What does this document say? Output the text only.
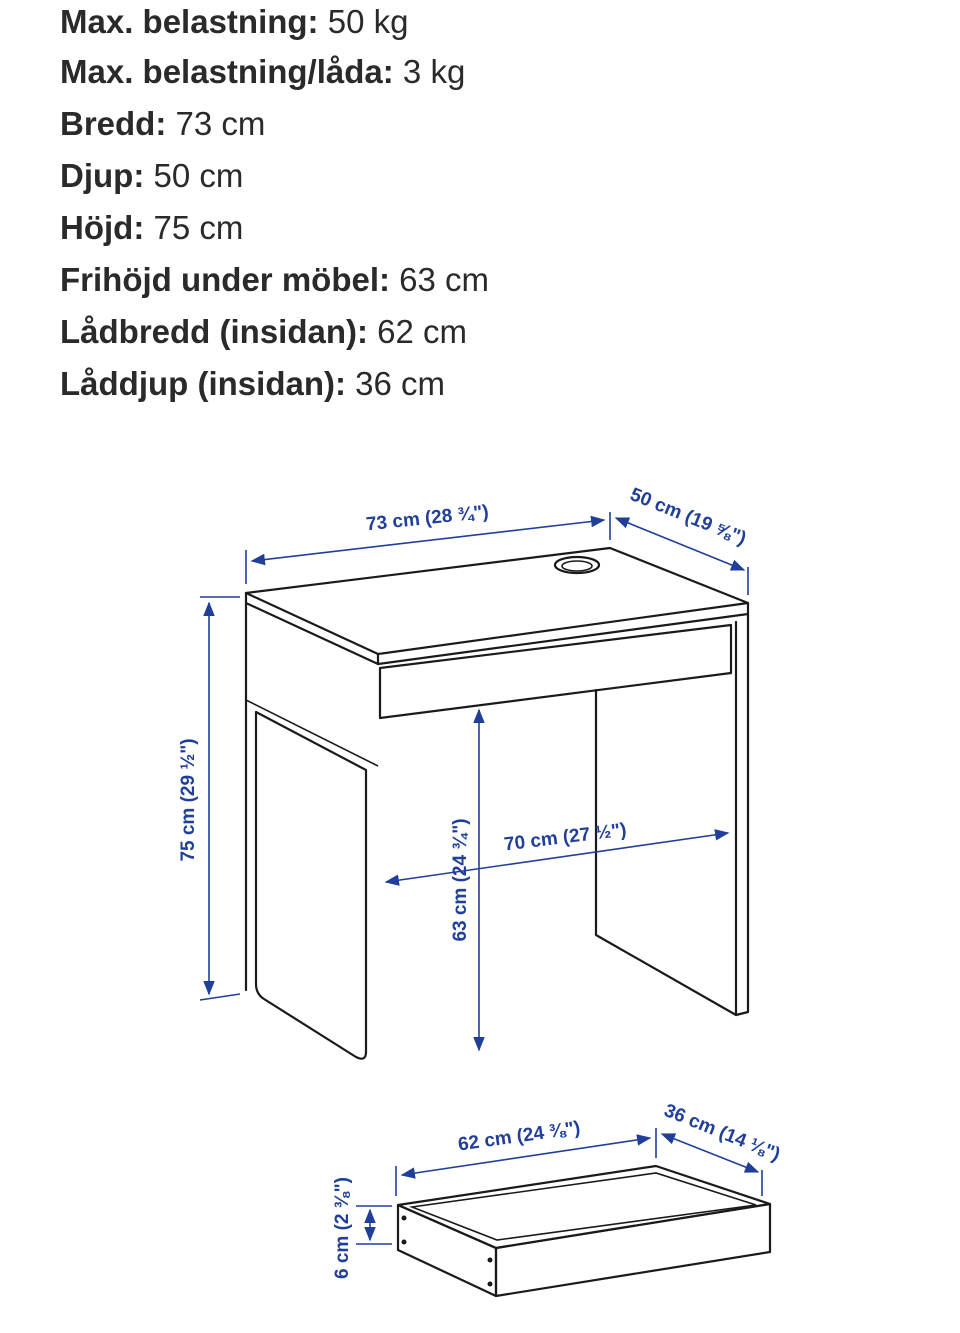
Max. belastning: 50 kg
Max. belastning/låda: 3 kg
Bredd: 73 cm
Djup: 50 cm
Höjd: 75 cm
Frihöjd under möbel: 63 cm
Lådbredd (insidan): 62 cm
Låddjup (insidan): 36 cm
73 cm (28 ¾")	50 cm (19 ⅝")
75 cm (29 ½")
63 cm (24 ¾") 70 cm (27 ½")
62 cm (24 ⅜")	36 cm (14 ⅛")
6 cm (2 ⅜")
